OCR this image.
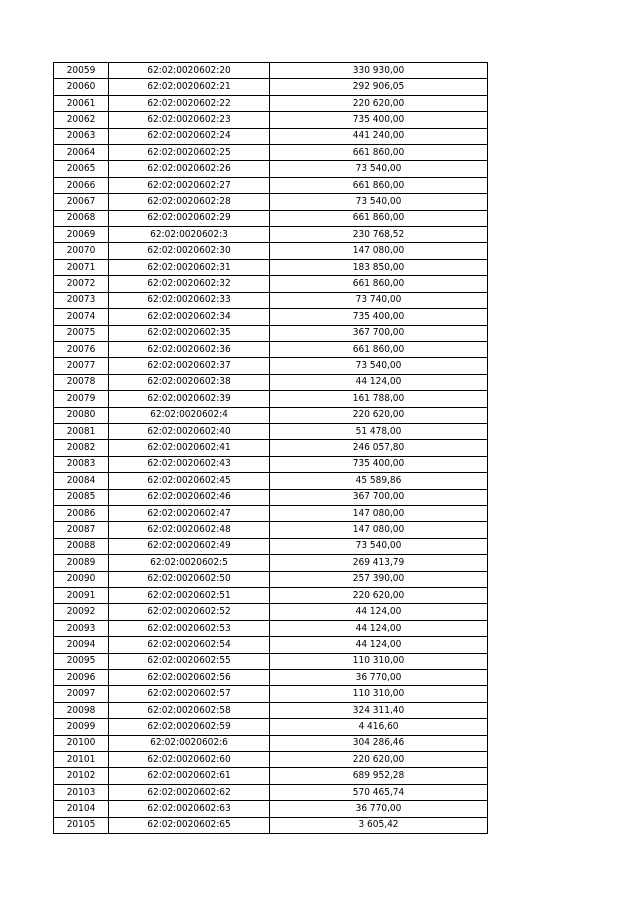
20059	62:02:0020602:20	330 930,00
20060	62:02:0020602:21	292 906,05
20061	62:02:0020602:22	220 620,00
20062	62:02:0020602:23	735 400,00
20063	62:02:0020602:24	441 240,00
20064	62:02:0020602:25	661 860,00
20065	62:02:0020602:26	73 540,00
20066	62:02:0020602:27	661 860,00
20067	62:02:0020602:28	73 540,00
20068	62:02:0020602:29	661 860,00
20069	62:02:0020602:3	230 768,52
20070	62:02:0020602:30	147 080,00
20071	62:02:0020602:31	183 850,00
20072	62:02:0020602:32	661 860,00
20073	62:02:0020602:33	73 740,00
20074	62:02:0020602:34	735 400,00
20075	62:02:0020602:35	367 700,00
20076	62:02:0020602:36	661 860,00
20077	62:02:0020602:37	73 540,00
20078	62:02:0020602:38	44 124,00
20079	62:02:0020602:39	161 788,00
20080	62:02:0020602:4	220 620,00
20081	62:02:0020602:40	51 478,00
20082	62:02:0020602:41	246 057,80
20083	62:02:0020602:43	735 400,00
20084	62:02:0020602:45	45 589,86
20085	62:02:0020602:46	367 700,00
20086	62:02:0020602:47	147 080,00
20087	62:02:0020602:48	147 080,00
20088	62:02:0020602:49	73 540,00
20089	62:02:0020602:5	269 413,79
20090	62:02:0020602:50	257 390,00
20091	62:02:0020602:51	220 620,00
20092	62:02:0020602:52	44 124,00
20093	62:02:0020602:53	44 124,00
20094	62:02:0020602:54	44 124,00
20095	62:02:0020602:55	110 310,00
20096	62:02:0020602:56	36 770,00
20097	62:02:0020602:57	110 310,00
20098	62:02:0020602:58	324 311,40
20099	62:02:0020602:59	4 416,60
20100	62:02:0020602:6	304 286,46
20101	62:02:0020602:60	220 620,00
20102	62:02:0020602:61	689 952,28
20103	62:02:0020602:62	570 465,74
20104	62:02:0020602:63	36 770,00
20105	62:02:0020602:65	3 605,42
